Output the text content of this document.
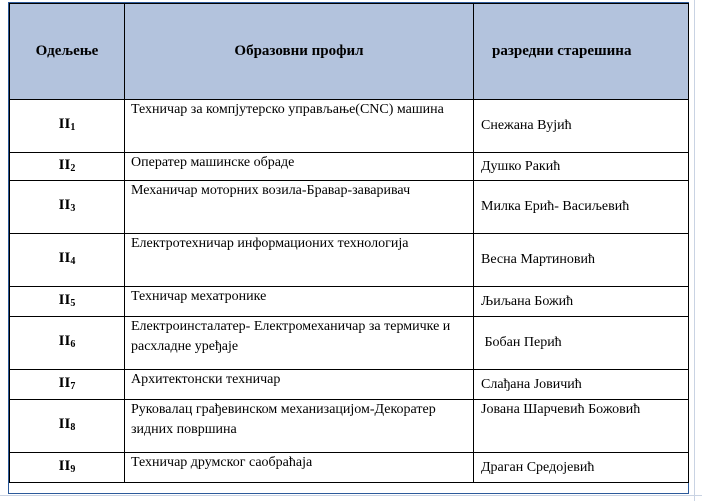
Одељење	Образовни профил	разредни старешина
$II_1$	Техничар за компјутерско управљање(CNC) машина	Снежана Вујић
$II_2$	Оператер машинске обраде	Душко Ракић
$II_3$	Механичар моторних возила-Бравар-заваривач	Милка Ерић- Васиљевић
$II_4$	Електротехничар информационих технологија	Весна Мартиновић
$II_5$	Техничар мехатронике	Љиљана Божић
$II_6$	Електроинсталатер- Електромеханичар за термичке и расхладне уређаје	Бобан Перић
$II_7$	Архитектонски техничар	Слађана Јовичић
$II_8$	Руковалац грађевинском механизацијом-Декоратер зидних површина	Јована Шарчевић Божовић
$II_9$	Техничар друмског саобраћаја	Драган Средојевић
